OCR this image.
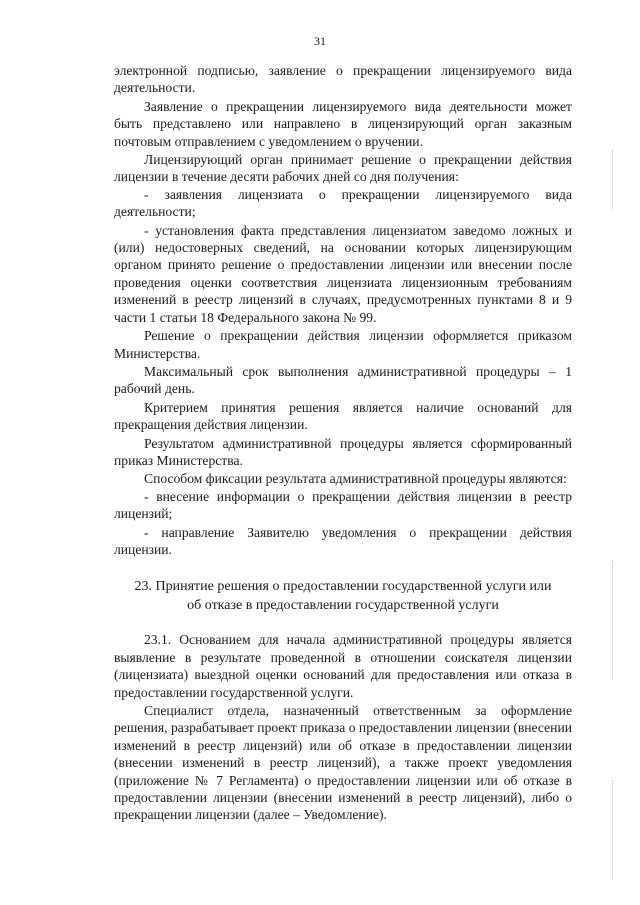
31

электронной подписью, заявление о прекращении лицензируемого вида деятельности.

Заявление о прекращении лицензируемого вида деятельности может быть представлено или направлено в лицензирующий орган заказным почтовым отправлением с уведомлением о вручении.

Лицензирующий орган принимает решение о прекращении действия лицензии в течение десяти рабочих дней со дня получения:

- заявления лицензиата о прекращении лицензируемого вида деятельности;

- установления факта представления лицензиатом заведомо ложных и (или) недостоверных сведений, на основании которых лицензирующим органом принято решение о предоставлении лицензии или внесении после проведения оценки соответствия лицензиата лицензионным требованиям изменений в реестр лицензий в случаях, предусмотренных пунктами 8 и 9 части 1 статьи 18 Федерального закона № 99.

Решение о прекращении действия лицензии оформляется приказом Министерства.

Максимальный срок выполнения административной процедуры – 1 рабочий день.

Критерием принятия решения является наличие оснований для прекращения действия лицензии.

Результатом административной процедуры является сформированный приказ Министерства.

Способом фиксации результата административной процедуры являются:

- внесение информации о прекращении действия лицензии в реестр лицензий;

- направление Заявителю уведомления о прекращении действия лицензии.

23. Принятие решения о предоставлении государственной услуги или
об отказе в предоставлении государственной услуги

23.1. Основанием для начала административной процедуры является выявление в результате проведенной в отношении соискателя лицензии (лицензиата) выездной оценки оснований для предоставления или отказа в предоставлении государственной услуги.

Специалист отдела, назначенный ответственным за оформление решения, разрабатывает проект приказа о предоставлении лицензии (внесении изменений в реестр лицензий) или об отказе в предоставлении лицензии (внесении изменений в реестр лицензий), а также проект уведомления (приложение № 7 Регламента) о предоставлении лицензии или об отказе в предоставлении лицензии (внесении изменений в реестр лицензий), либо о прекращении лицензии (далее – Уведомление).
